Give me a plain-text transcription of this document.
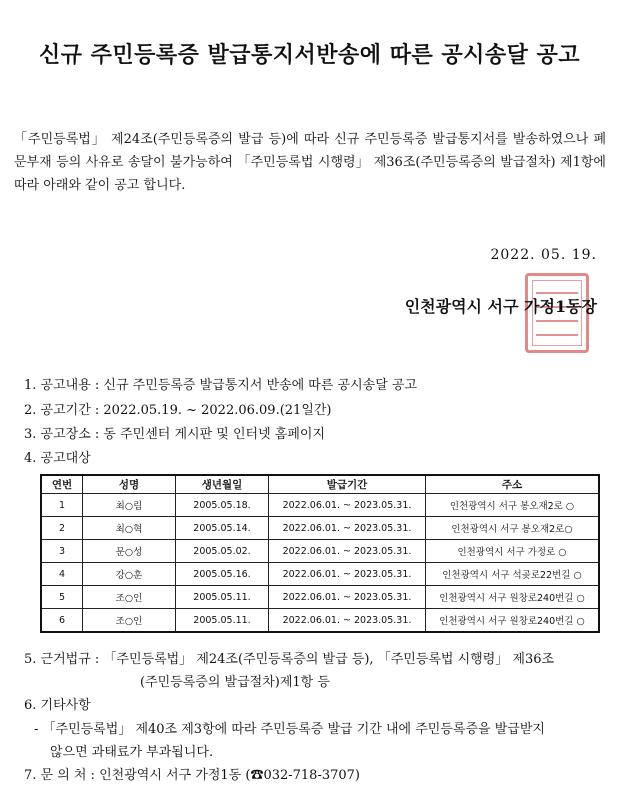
신규 주민등록증 발급통지서반송에 따른 공시송달 공고
「주민등록법」 제24조(주민등록증의 발급 등)에 따라 신규 주민등록증 발급통지서를 발송하였으나 폐문부재 등의 사유로 송달이 불가능하여 「주민등록법 시행령」 제36조(주민등록증의 발급절차) 제1항에 따라 아래와 같이 공고 합니다.
2022. 05. 19.
인천광역시 서구 가정1동장
1. 공고내용 : 신규 주민등록증 발급통지서 반송에 따른 공시송달 공고
2. 공고기간 : 2022.05.19. ~ 2022.06.09.(21일간)
3. 공고장소 : 동 주민센터 게시판 및 인터넷 홈페이지
4. 공고대상
연번	성명	생년월일	발급기간	주소
1	최○림	2005.05.18.	2022.06.01. ~ 2023.05.31.	인천광역시 서구 봉오재2로 ○
2	최○혁	2005.05.14.	2022.06.01. ~ 2023.05.31.	인천광역시 서구 봉오재2로○
3	문○성	2005.05.02.	2022.06.01. ~ 2023.05.31.	인천광역시 서구 가정로 ○
4	강○훈	2005.05.16.	2022.06.01. ~ 2023.05.31.	인천광역시 서구 석곶로22번길 ○
5	조○인	2005.05.11.	2022.06.01. ~ 2023.05.31.	인천광역시 서구 원창로240번길 ○
6	조○인	2005.05.11.	2022.06.01. ~ 2023.05.31.	인천광역시 서구 원창로240번길 ○
5. 근거법규 : 「주민등록법」 제24조(주민등록증의 발급 등), 「주민등록법 시행령」 제36조
(주민등록증의 발급절차)제1항 등
6. 기타사항
- 「주민등록법」 제40조 제3항에 따라 주민등록증 발급 기간 내에 주민등록증을 발급받지
않으면 과태료가 부과됩니다.
7. 문 의 처 : 인천광역시 서구 가정1동 (☎032-718-3707)
